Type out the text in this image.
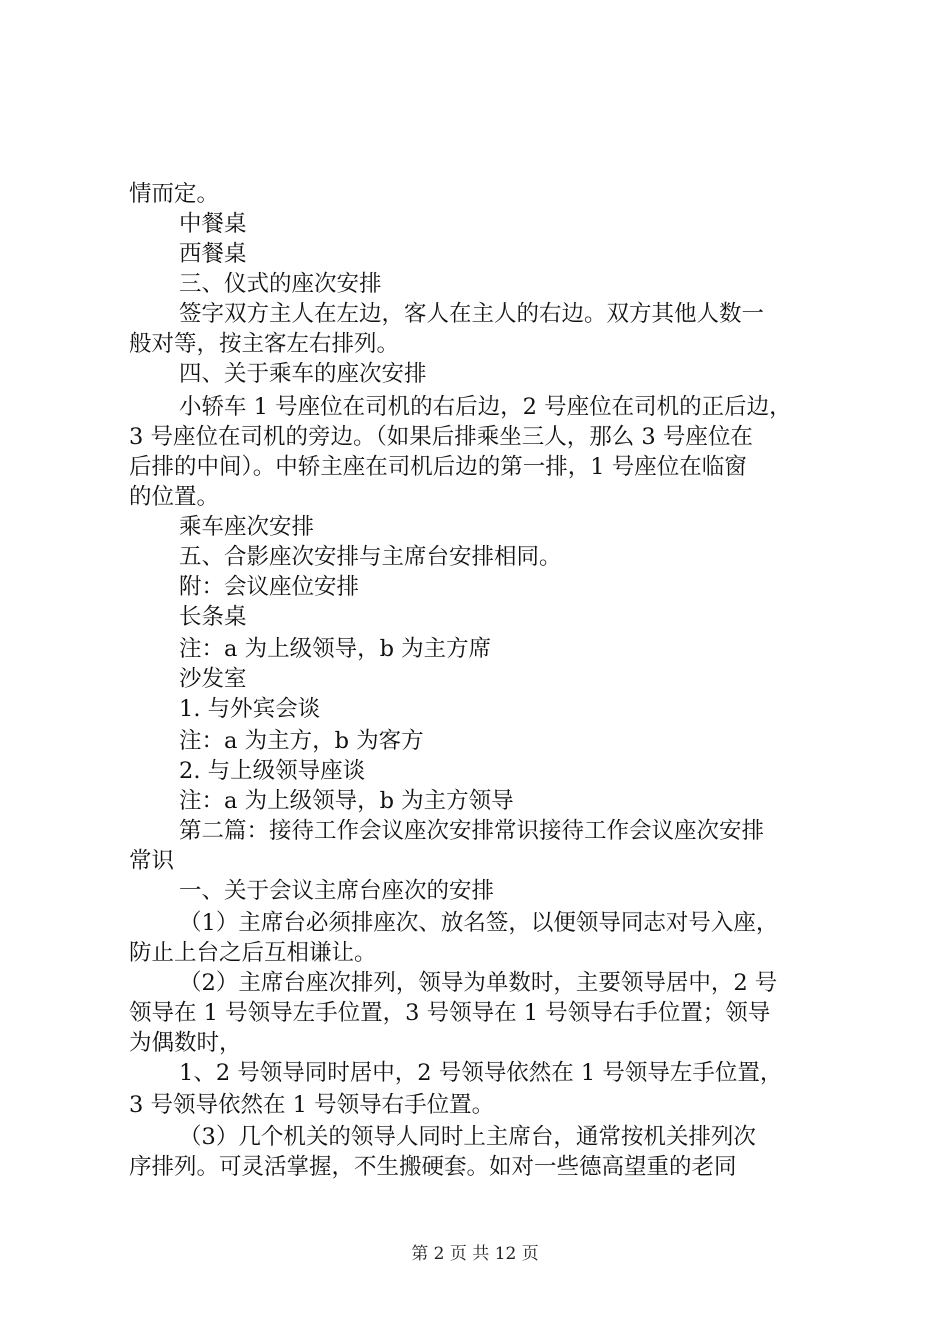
情而定。
中餐桌
西餐桌
三、仪式的座次安排
签字双方主人在左边，客人在主人的右边。双方其他人数一
般对等，按主客左右排列。
四、关于乘车的座次安排
小轿车 1 号座位在司机的右后边，2 号座位在司机的正后边，
3 号座位在司机的旁边。（如果后排乘坐三人，那么 3 号座位在
后排的中间）。中轿主座在司机后边的第一排，1 号座位在临窗
的位置。
乘车座次安排
五、合影座次安排与主席台安排相同。
附：会议座位安排
长条桌
注：a 为上级领导，b 为主方席
沙发室
1. 与外宾会谈
注：a 为主方，b 为客方
2. 与上级领导座谈
注：a 为上级领导，b 为主方领导
第二篇：接待工作会议座次安排常识接待工作会议座次安排
常识
一、关于会议主席台座次的安排
（1）主席台必须排座次、放名签，以便领导同志对号入座，
防止上台之后互相谦让。
（2）主席台座次排列，领导为单数时，主要领导居中，2 号
领导在 1 号领导左手位置，3 号领导在 1 号领导右手位置；领导
为偶数时，
1、2 号领导同时居中，2 号领导依然在 1 号领导左手位置，
3 号领导依然在 1 号领导右手位置。
（3）几个机关的领导人同时上主席台，通常按机关排列次
序排列。可灵活掌握，不生搬硬套。如对一些德高望重的老同
第 2 页 共 12 页
